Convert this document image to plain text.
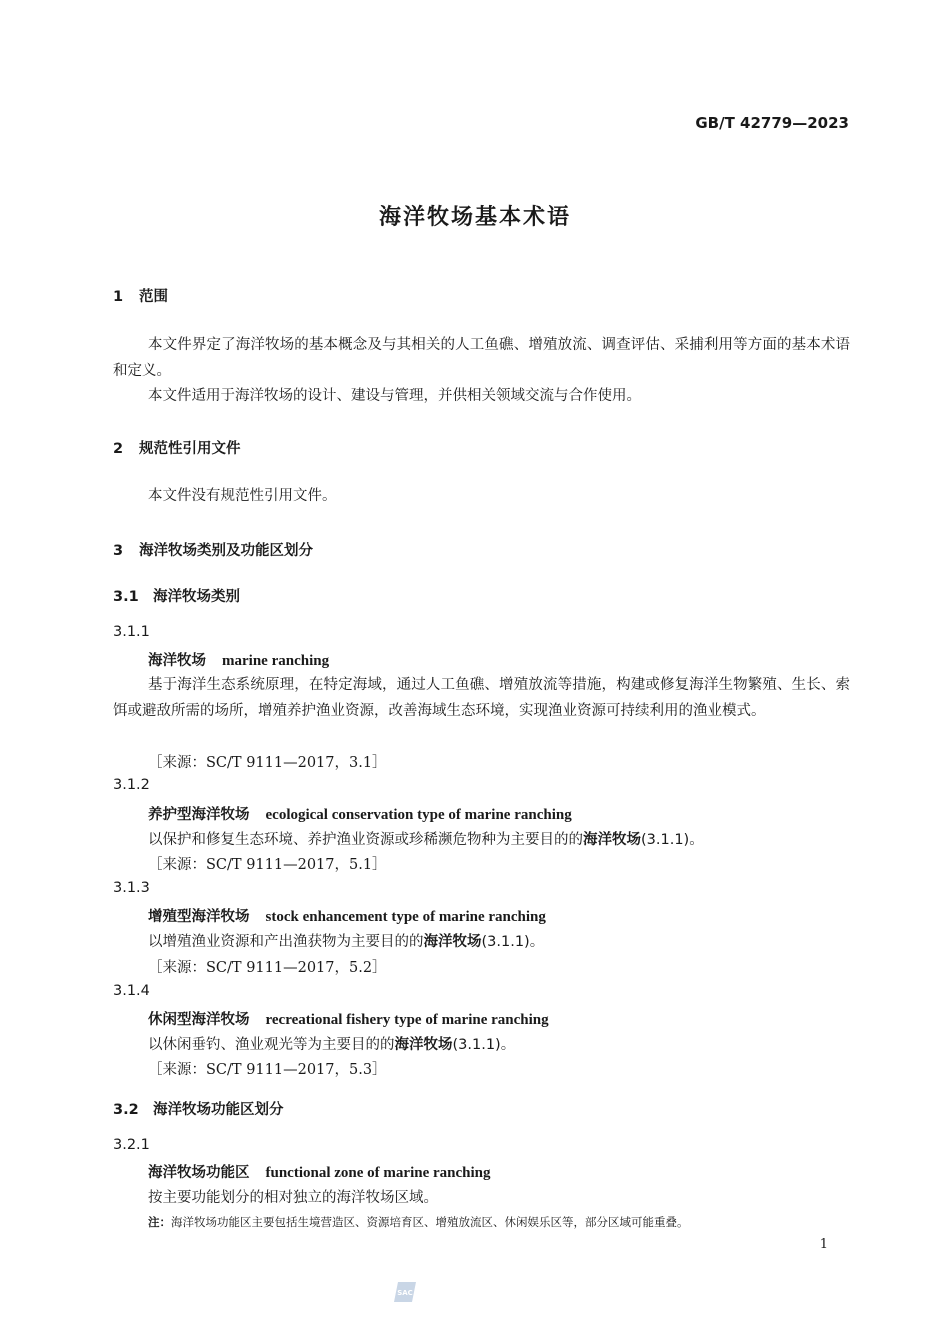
GB/T 42779—2023
海洋牧场基本术语
1 范围
本文件界定了海洋牧场的基本概念及与其相关的人工鱼礁、增殖放流、调查评估、采捕利用等方面的基本术语和定义。
本文件适用于海洋牧场的设计、建设与管理，并供相关领域交流与合作使用。
2 规范性引用文件
本文件没有规范性引用文件。
3 海洋牧场类别及功能区划分
3.1 海洋牧场类别
3.1.1
海洋牧场 marine ranching
基于海洋生态系统原理，在特定海域，通过人工鱼礁、增殖放流等措施，构建或修复海洋生物繁殖、生长、索饵或避敌所需的场所，增殖养护渔业资源，改善海域生态环境，实现渔业资源可持续利用的渔业模式。
［来源：SC/T 9111—2017，3.1］
3.1.2
养护型海洋牧场 ecological conservation type of marine ranching
以保护和修复生态环境、养护渔业资源或珍稀濒危物种为主要目的的海洋牧场(3.1.1)。
［来源：SC/T 9111—2017，5.1］
3.1.3
增殖型海洋牧场 stock enhancement type of marine ranching
以增殖渔业资源和产出渔获物为主要目的的海洋牧场(3.1.1)。
［来源：SC/T 9111—2017，5.2］
3.1.4
休闲型海洋牧场 recreational fishery type of marine ranching
以休闲垂钓、渔业观光等为主要目的的海洋牧场(3.1.1)。
［来源：SC/T 9111—2017，5.3］
3.2 海洋牧场功能区划分
3.2.1
海洋牧场功能区 functional zone of marine ranching
按主要功能划分的相对独立的海洋牧场区域。
注：海洋牧场功能区主要包括生境营造区、资源培育区、增殖放流区、休闲娱乐区等，部分区域可能重叠。
1
SAC
